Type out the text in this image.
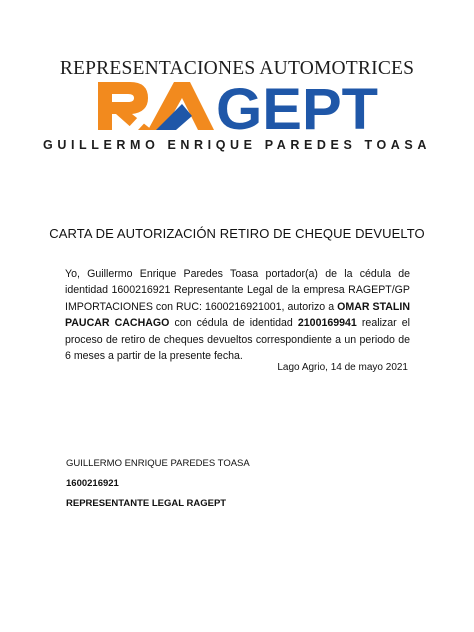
REPRESENTACIONES AUTOMOTRICES
GEPT
GUILLERMO ENRIQUE PAREDES TOASA
CARTA DE AUTORIZACIÓN RETIRO DE CHEQUE DEVUELTO
Yo, Guillermo Enrique Paredes Toasa portador(a) de la cédula de identidad 1600216921 Representante Legal de la empresa RAGEPT/GP IMPORTACIONES con RUC: 1600216921001, autorizo a OMAR STALIN PAUCAR CACHAGO con cédula de identidad 2100169941 realizar el proceso de retiro de cheques devueltos correspondiente a un periodo de 6 meses a partir de la presente fecha.
Lago Agrio, 14 de mayo 2021
GUILLERMO ENRIQUE PAREDES TOASA
1600216921
REPRESENTANTE LEGAL RAGEPT
